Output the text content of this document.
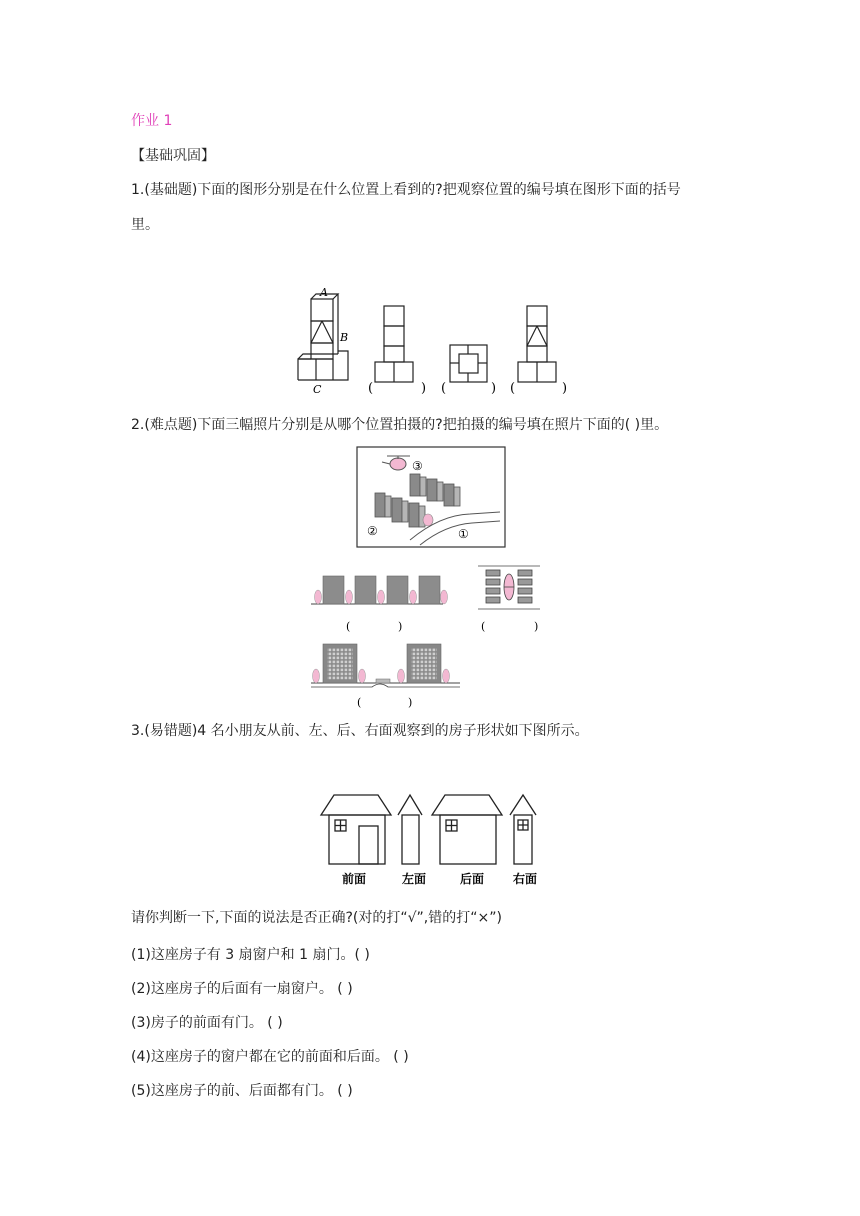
作业 1
【基础巩固】
1.(基础题)下面的图形分别是在什么位置上看到的?把观察位置的编号填在图形下面的括号
里。
A
B
C	(	) (	) (	)
2.(难点题)下面三幅照片分别是从哪个位置拍摄的?把拍摄的编号填在照片下面的( )里。
③
②	①
(	)	(	)
(	)
3.(易错题)4 名小朋友从前、左、后、右面观察到的房子形状如下图所示。
前面	左面	后面 右面
请你判断一下,下面的说法是否正确?(对的打“√”,错的打“×”)
(1)这座房子有 3 扇窗户和 1 扇门。( )
(2)这座房子的后面有一扇窗户。 ( )
(3)房子的前面有门。 ( )
(4)这座房子的窗户都在它的前面和后面。 ( )
(5)这座房子的前、后面都有门。 ( )
